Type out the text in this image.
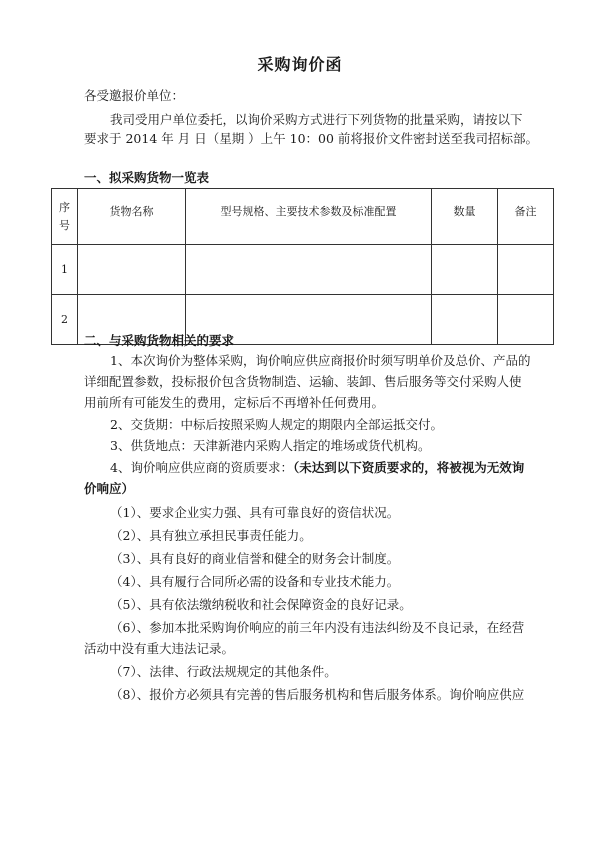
采购询价函
各受邀报价单位：
我司受用户单位委托，以询价采购方式进行下列货物的批量采购，请按以下
要求于 2014 年 月 日（星期 ）上午 10：00 前将报价文件密封送至我司招标部。
一、拟采购货物一览表
序
号	货物名称	型号规格、主要技术参数及标准配置	数量	备注
1				
2				
二、与采购货物相关的要求
1、本次询价为整体采购，询价响应供应商报价时须写明单价及总价、产品的
详细配置参数，投标报价包含货物制造、运输、装卸、售后服务等交付采购人使
用前所有可能发生的费用，定标后不再增补任何费用。
2、交货期：中标后按照采购人规定的期限内全部运抵交付。
3、供货地点：天津新港内采购人指定的堆场或货代机构。
4、询价响应供应商的资质要求：（未达到以下资质要求的，将被视为无效询
价响应）
（1）、要求企业实力强、具有可靠良好的资信状况。
（2）、具有独立承担民事责任能力。
（3）、具有良好的商业信誉和健全的财务会计制度。
（4）、具有履行合同所必需的设备和专业技术能力。
（5）、具有依法缴纳税收和社会保障资金的良好记录。
（6）、参加本批采购询价响应的前三年内没有违法纠纷及不良记录，在经营
活动中没有重大违法记录。
（7）、法律、行政法规规定的其他条件。
（8）、报价方必须具有完善的售后服务机构和售后服务体系。询价响应供应
